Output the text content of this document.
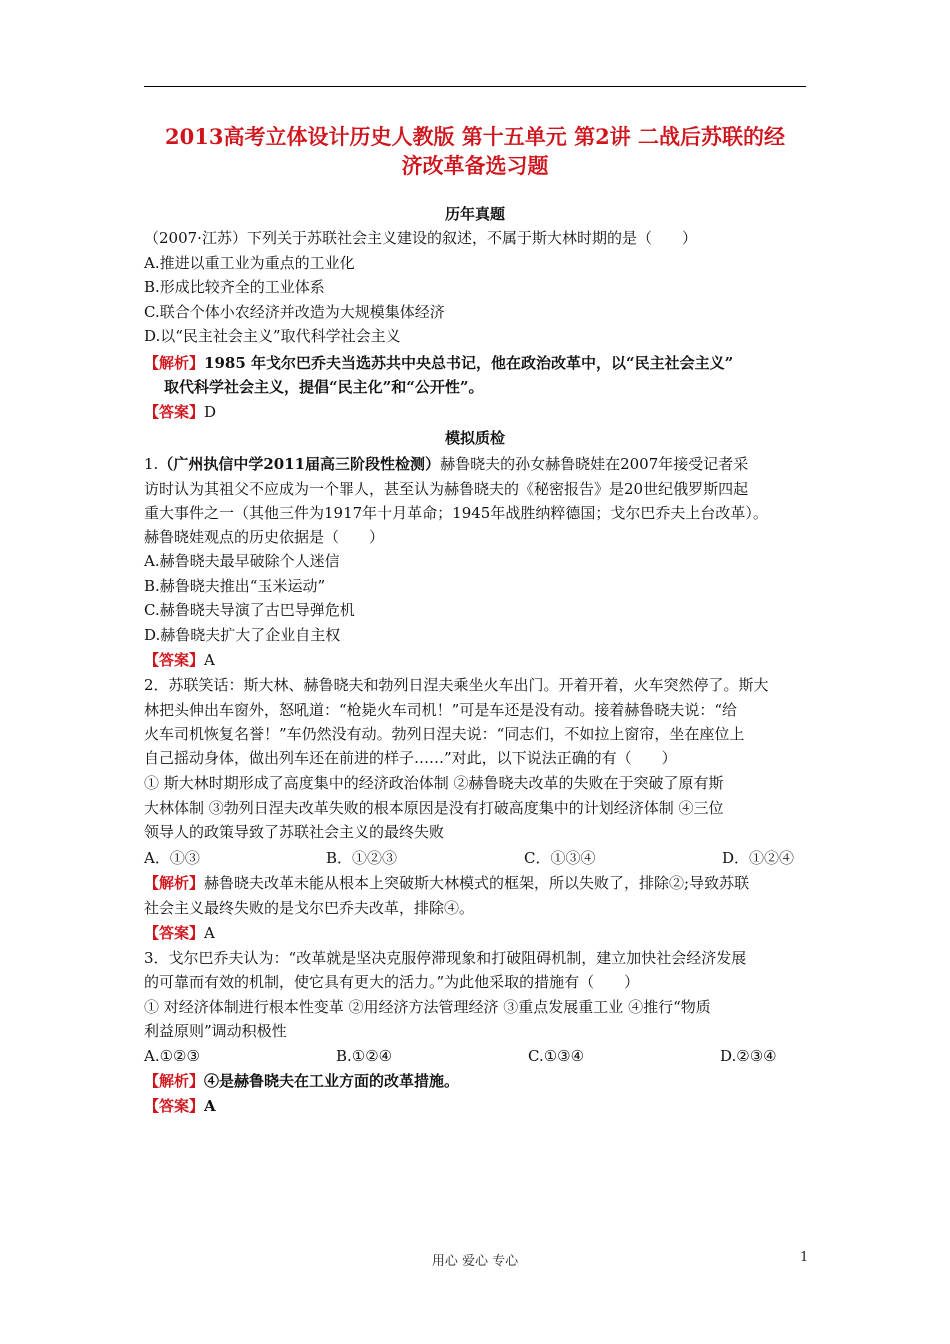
2013高考立体设计历史人教版 第十五单元 第2讲 二战后苏联的经
济改革备选习题
历年真题
（2007·江苏）下列关于苏联社会主义建设的叙述，不属于斯大林时期的是（　　）
A.推进以重工业为重点的工业化
B.形成比较齐全的工业体系
C.联合个体小农经济并改造为大规模集体经济
D.以“民主社会主义”取代科学社会主义
【解析】1985 年戈尔巴乔夫当选苏共中央总书记，他在政治改革中，以“民主社会主义”
取代科学社会主义，提倡“民主化”和“公开性”。
【答案】D
模拟质检
1.（广州执信中学2011届高三阶段性检测）赫鲁晓夫的孙女赫鲁晓娃在2007年接受记者采
访时认为其祖父不应成为一个罪人，甚至认为赫鲁晓夫的《秘密报告》是20世纪俄罗斯四起
重大事件之一（其他三件为1917年十月革命；1945年战胜纳粹德国；戈尔巴乔夫上台改革）。
赫鲁晓娃观点的历史依据是（　　）
A.赫鲁晓夫最早破除个人迷信
B.赫鲁晓夫推出“玉米运动”
C.赫鲁晓夫导演了古巴导弹危机
D.赫鲁晓夫扩大了企业自主权
【答案】A
2．苏联笑话：斯大林、赫鲁晓夫和勃列日涅夫乘坐火车出门。开着开着，火车突然停了。斯大
林把头伸出车窗外，怒吼道：“枪毙火车司机！”可是车还是没有动。接着赫鲁晓夫说：“给
火车司机恢复名誉！”车仍然没有动。勃列日涅夫说：“同志们，不如拉上窗帘，坐在座位上
自己摇动身体，做出列车还在前进的样子……”对此，以下说法正确的有（　　）
① 斯大林时期形成了高度集中的经济政治体制 ②赫鲁晓夫改革的失败在于突破了原有斯
大林体制 ③勃列日涅夫改革失败的根本原因是没有打破高度集中的计划经济体制 ④三位
领导人的政策导致了苏联社会主义的最终失败
A．①③	B．①②③	C．①③④	D．①②④
【解析】赫鲁晓夫改革未能从根本上突破斯大林模式的框架，所以失败了，排除②;导致苏联
社会主义最终失败的是戈尔巴乔夫改革，排除④。
【答案】A
3．戈尔巴乔夫认为：“改革就是坚决克服停滞现象和打破阻碍机制，建立加快社会经济发展
的可靠而有效的机制，使它具有更大的活力。”为此他采取的措施有（　　）
① 对经济体制进行根本性变革 ②用经济方法管理经济 ③重点发展重工业 ④推行“物质
利益原则”调动积极性
A.①②③	B.①②④	C.①③④	D.②③④
【解析】④是赫鲁晓夫在工业方面的改革措施。
【答案】A
用心 爱心 专心	1
